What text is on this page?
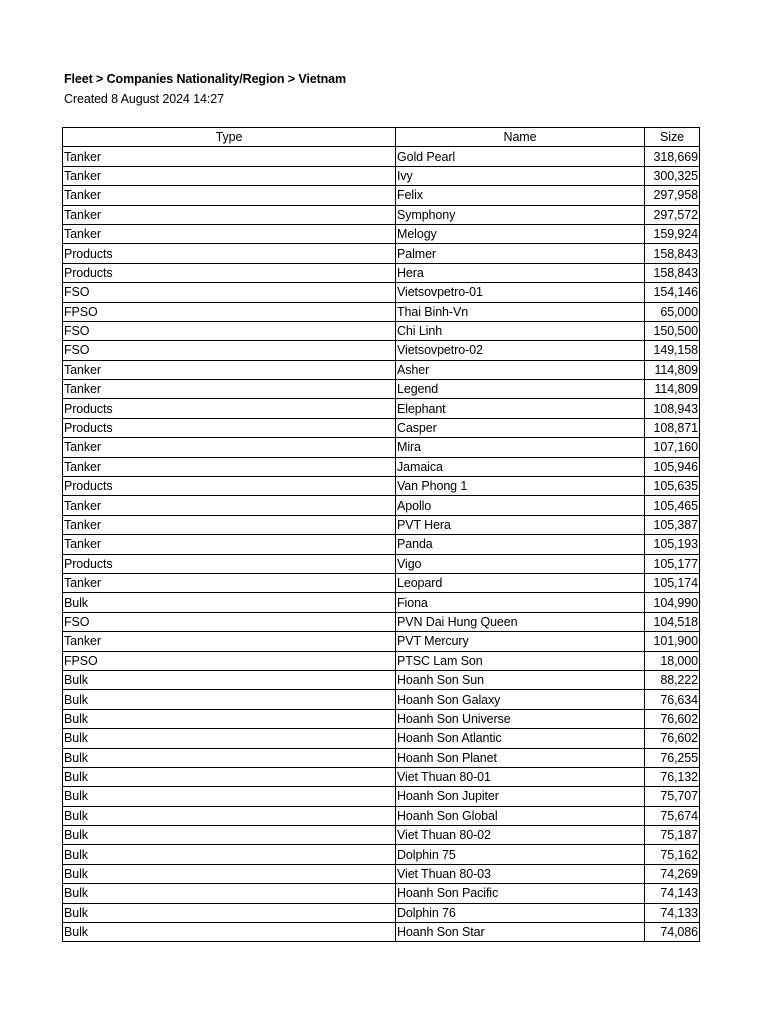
Fleet > Companies Nationality/Region > Vietnam
Created 8 August 2024 14:27
Type	Name	Size
Tanker	Gold Pearl	318,669
Tanker	Ivy	300,325
Tanker	Felix	297,958
Tanker	Symphony	297,572
Tanker	Melogy	159,924
Products	Palmer	158,843
Products	Hera	158,843
FSO	Vietsovpetro-01	154,146
FPSO	Thai Binh-Vn	65,000
FSO	Chi Linh	150,500
FSO	Vietsovpetro-02	149,158
Tanker	Asher	114,809
Tanker	Legend	114,809
Products	Elephant	108,943
Products	Casper	108,871
Tanker	Mira	107,160
Tanker	Jamaica	105,946
Products	Van Phong 1	105,635
Tanker	Apollo	105,465
Tanker	PVT Hera	105,387
Tanker	Panda	105,193
Products	Vigo	105,177
Tanker	Leopard	105,174
Bulk	Fiona	104,990
FSO	PVN Dai Hung Queen	104,518
Tanker	PVT Mercury	101,900
FPSO	PTSC Lam Son	18,000
Bulk	Hoanh Son Sun	88,222
Bulk	Hoanh Son Galaxy	76,634
Bulk	Hoanh Son Universe	76,602
Bulk	Hoanh Son Atlantic	76,602
Bulk	Hoanh Son Planet	76,255
Bulk	Viet Thuan 80-01	76,132
Bulk	Hoanh Son Jupiter	75,707
Bulk	Hoanh Son Global	75,674
Bulk	Viet Thuan 80-02	75,187
Bulk	Dolphin 75	75,162
Bulk	Viet Thuan 80-03	74,269
Bulk	Hoanh Son Pacific	74,143
Bulk	Dolphin 76	74,133
Bulk	Hoanh Son Star	74,086
